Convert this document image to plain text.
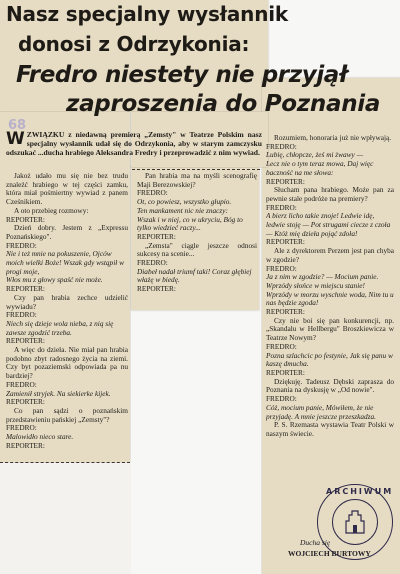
Nasz specjalny wysłannik
donosi z Odrzykonia:
Fredro niestety nie przyjął
zaproszenia do Poznania
68
W ZWIĄZKU z niedawną premierą „Zemsty" w Teatrze Polskim nasz specjalny wysłannik udał się do Odrzykonia, aby w starym zamczysku odszukać ...ducha hrabiego Aleksandra Fredry i przeprowadzić z nim wywiad.

Jakoż udało mu się nie bez trudu znaleźć hrabiego w tej części zamku, która miał pośmiertny wywiad z panem Cześnikiem.

A oto przebieg rozmowy:

REPORTER:

Dzień dobry. Jestem z „Expressu Poznańskiego".

FREDRO:

Nie i też mnie na pokuszenie, Ojców moich wielki Boże! Wszak gdy wstąpił w progi moje,

Włos mu z głowy spaść nie może.

REPORTER:

Czy pan hrabia zechce udzielić wywiadu?

FREDRO:

Niech się dzieje wola nieba, z nią się zawsze zgodzić trzeba.

REPORTER:

A więc do dzieła. Nie miał pan hrabia podobno zbyt radosnego życia na ziemi. Czy byt pozaziemski odpowiada pa nu bardziej?

FREDRO:

Zamienił stryjek. Na siekierke kijek.

REPORTER:

Co pan sądzi o poznańskim przedstawieniu pańskiej „Zemsty"?

FREDRO:

Malowidło nieco stare.

REPORTER:

Pan hrabia ma na myśli scenografię Maji Berezowskiej?

FREDRO:

Ot, co powiesz, wszystko głupio.

Ten mankament nic nie znaczy:

Wszak i w niej, co w ukryciu, Bóg to tylko wiedzieć raczy...

REPORTER:

„Zemsta" ciągle jeszcze odnosi sukcesy na scenie...

FREDRO:

Diabeł nadał triumf taki! Coraz głębiej włażę w biedę.

REPORTER:

Rozumiem, honoraria już nie wpływają.

FREDRO:

Lubię, chłopcze, żeś mi żwawy —

Lecz nie o tym teraz mowa, Daj więc baczność na me słowa:

REPORTER:

Słucham pana hrabiego. Może pan za pewnie stale podróże na premiery?

FREDRO:

A bierz licho takie znoje! Ledwie idę, ledwie stoję — Pot strugami ciecze z czoła — Któż mię dzieła pojąć zdoła!

REPORTER:

Ale z dyrektorem Perzem jest pan chyba w zgodzie?

FREDRO:

Ja z nim w zgodzie? — Mocium panie. Wprzódy słońce w miejscu stanie!

Wprzódy w morzu wyschnie woda, Nim tu u nas będzie zgoda!

REPORTER:

Czy nie boi się pan konkurencji, np. „Skandalu w Hellbergu" Broszkiewicza w Teatrze Nowym?

FREDRO:

Pozna szlachcic po festynie, Jak się panu w kaszę dmucha.

REPORTER:

Dziękuję. Tadeusz Dębski zaprasza do Poznania na dyskusję w „Od nowie".

FREDRO:

Cóż, mocium panie, Mówiłem, że nie przyjadę. A mnie jeszcze przeszkadza.

P. S. Rzemasta wystawia Teatr Polski w naszym świecie.

ARCHIWUM
Ducha się
WOJCIECH BURTOWY
